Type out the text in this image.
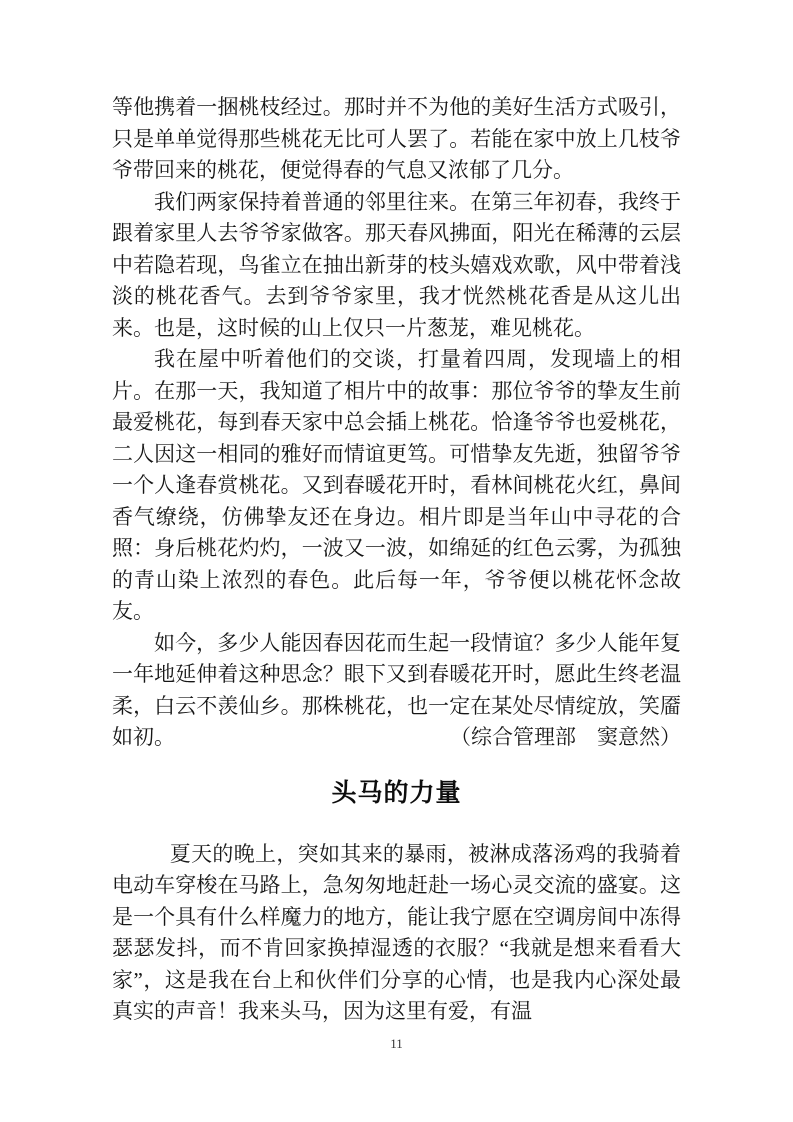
等他携着一捆桃枝经过。那时并不为他的美好生活方式吸引，只是单单觉得那些桃花无比可人罢了。若能在家中放上几枝爷爷带回来的桃花，便觉得春的气息又浓郁了几分。

我们两家保持着普通的邻里往来。在第三年初春，我终于跟着家里人去爷爷家做客。那天春风拂面，阳光在稀薄的云层中若隐若现，鸟雀立在抽出新芽的枝头嬉戏欢歌，风中带着浅淡的桃花香气。去到爷爷家里，我才恍然桃花香是从这儿出来。也是，这时候的山上仅只一片葱茏，难见桃花。

我在屋中听着他们的交谈，打量着四周，发现墙上的相片。在那一天，我知道了相片中的故事：那位爷爷的挚友生前最爱桃花，每到春天家中总会插上桃花。恰逢爷爷也爱桃花，二人因这一相同的雅好而情谊更笃。可惜挚友先逝，独留爷爷一个人逢春赏桃花。又到春暖花开时，看林间桃花火红，鼻间香气缭绕，仿佛挚友还在身边。相片即是当年山中寻花的合照：身后桃花灼灼，一波又一波，如绵延的红色云雾，为孤独的青山染上浓烈的春色。此后每一年，爷爷便以桃花怀念故友。

如今，多少人能因春因花而生起一段情谊？多少人能年复一年地延伸着这种思念？眼下又到春暖花开时，愿此生终老温柔，白云不羡仙乡。那株桃花，也一定在某处尽情绽放，笑靥如初。	（综合管理部　窦意然）
头马的力量

夏天的晚上，突如其来的暴雨，被淋成落汤鸡的我骑着电动车穿梭在马路上，急匆匆地赶赴一场心灵交流的盛宴。这是一个具有什么样魔力的地方，能让我宁愿在空调房间中冻得瑟瑟发抖，而不肯回家换掉湿透的衣服？“我就是想来看看大家”，这是我在台上和伙伴们分享的心情，也是我内心深处最真实的声音！我来头马，因为这里有爱，有温

11
